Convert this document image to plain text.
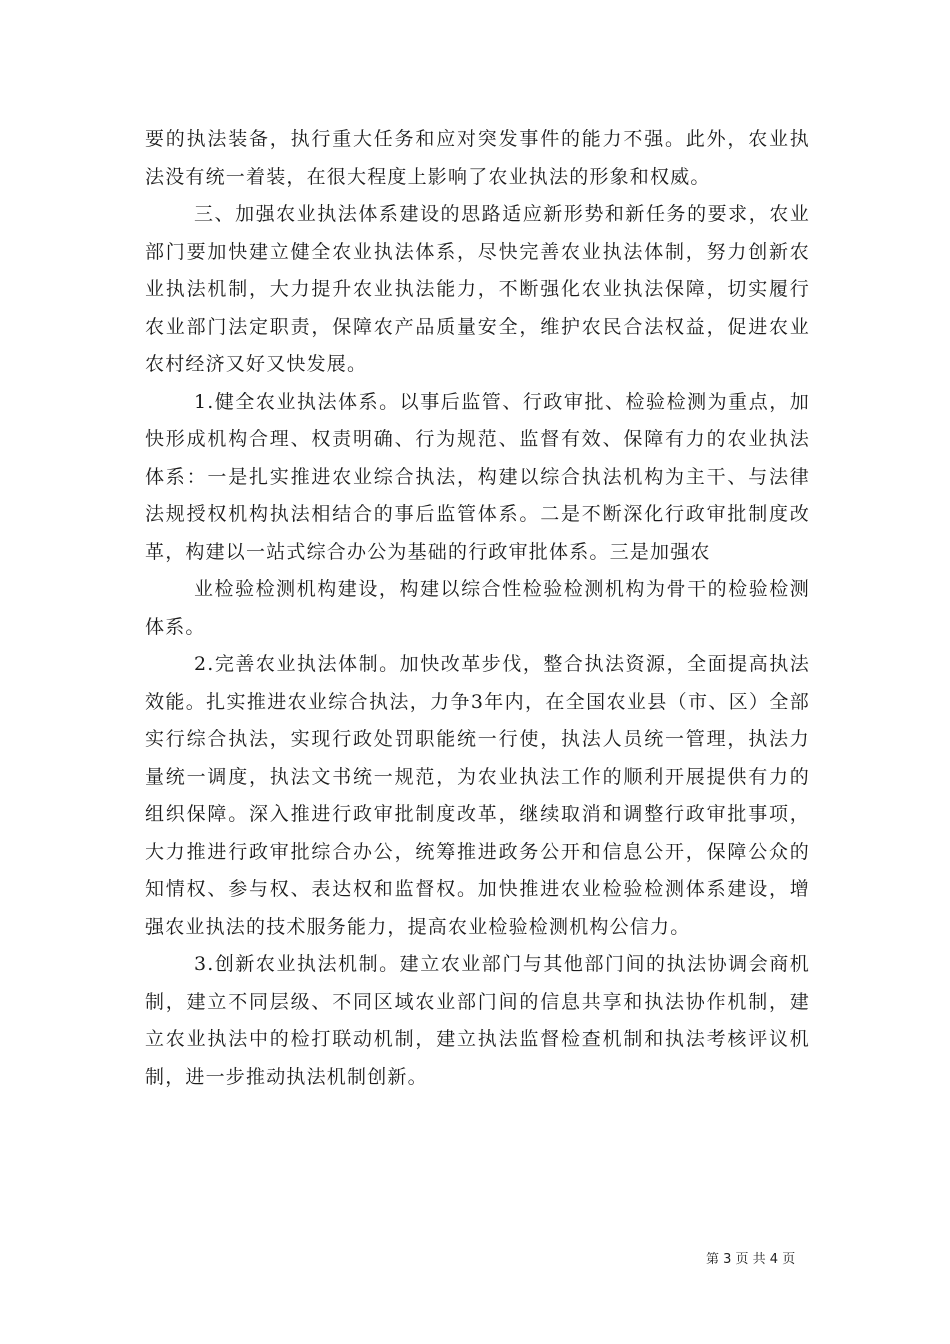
要的执法装备，执行重大任务和应对突发事件的能力不强。此外，农业执法没有统一着装，在很大程度上影响了农业执法的形象和权威。

三、加强农业执法体系建设的思路适应新形势和新任务的要求，农业部门要加快建立健全农业执法体系，尽快完善农业执法体制，努力创新农业执法机制，大力提升农业执法能力，不断强化农业执法保障，切实履行农业部门法定职责，保障农产品质量安全，维护农民合法权益，促进农业农村经济又好又快发展。

1.健全农业执法体系。以事后监管、行政审批、检验检测为重点，加快形成机构合理、权责明确、行为规范、监督有效、保障有力的农业执法体系：一是扎实推进农业综合执法，构建以综合执法机构为主干、与法律法规授权机构执法相结合的事后监管体系。二是不断深化行政审批制度改革，构建以一站式综合办公为基础的行政审批体系。三是加强农

业检验检测机构建设，构建以综合性检验检测机构为骨干的检验检测体系。

2.完善农业执法体制。加快改革步伐，整合执法资源，全面提高执法效能。扎实推进农业综合执法，力争3年内，在全国农业县（市、区）全部实行综合执法，实现行政处罚职能统一行使，执法人员统一管理，执法力量统一调度，执法文书统一规范，为农业执法工作的顺利开展提供有力的组织保障。深入推进行政审批制度改革，继续取消和调整行政审批事项，大力推进行政审批综合办公，统筹推进政务公开和信息公开，保障公众的知情权、参与权、表达权和监督权。加快推进农业检验检测体系建设，增强农业执法的技术服务能力，提高农业检验检测机构公信力。

3.创新农业执法机制。建立农业部门与其他部门间的执法协调会商机制，建立不同层级、不同区域农业部门间的信息共享和执法协作机制，建立农业执法中的检打联动机制，建立执法监督检查机制和执法考核评议机制，进一步推动执法机制创新。

第 3 页 共 4 页
